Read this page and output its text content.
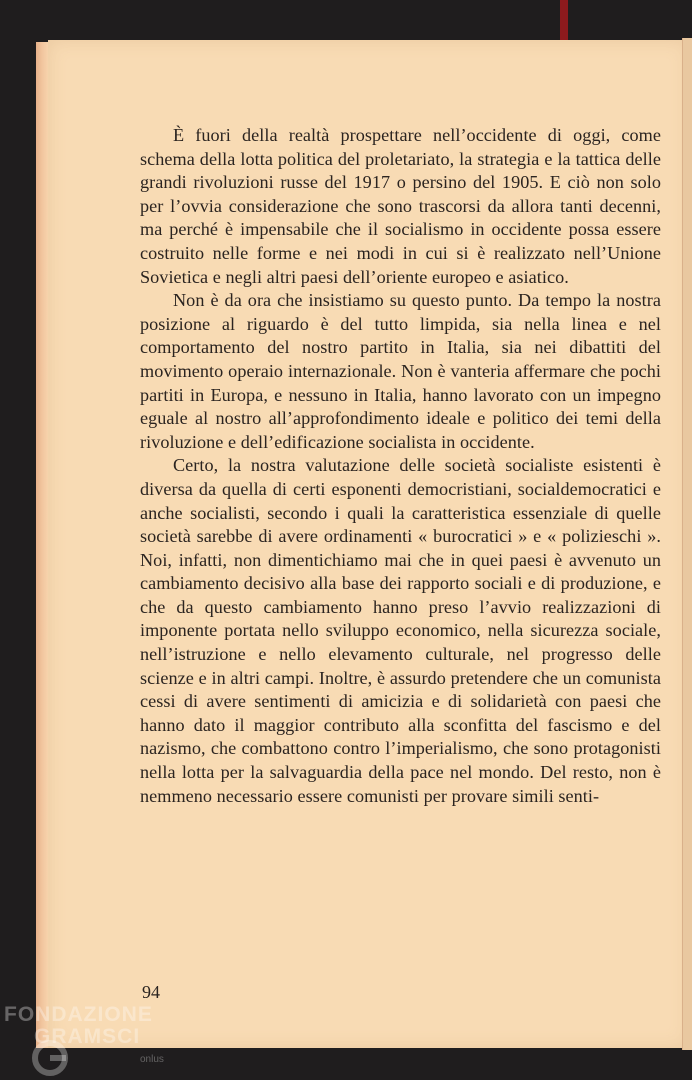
È fuori della realtà prospettare nell’occidente di oggi, come schema della lotta politica del proletariato, la strategia e la tattica delle grandi rivoluzioni russe del 1917 o persino del 1905. E ciò non solo per l’ovvia considerazione che sono trascorsi da allora tanti decenni, ma perché è impensabile che il socialismo in occidente possa essere costruito nelle forme e nei modi in cui si è realizzato nell’Unione Sovietica e negli altri paesi dell’oriente europeo e asiatico.

Non è da ora che insistiamo su questo punto. Da tempo la nostra posizione al riguardo è del tutto limpida, sia nella linea e nel comportamento del nostro partito in Italia, sia nei dibattiti del movimento operaio internazionale. Non è vanteria affermare che pochi partiti in Europa, e nessuno in Italia, hanno lavorato con un impegno eguale al nostro all’approfondimento ideale e politico dei temi della rivoluzione e dell’edificazione socialista in occidente.

Certo, la nostra valutazione delle società socialiste esistenti è diversa da quella di certi esponenti democristiani, socialdemocratici e anche socialisti, secondo i quali la caratteristica essenziale di quelle società sarebbe di avere ordinamenti « burocratici » e « polizieschi ». Noi, infatti, non dimentichiamo mai che in quei paesi è avvenuto un cambiamento decisivo alla base dei rapporto sociali e di produzione, e che da questo cambiamento hanno preso l’avvio realizzazioni di imponente portata nello sviluppo economico, nella sicurezza sociale, nell’istruzione e nello elevamento culturale, nel progresso delle scienze e in altri campi. Inoltre, è assurdo pretendere che un comunista cessi di avere sentimenti di amicizia e di solidarietà con paesi che hanno dato il maggior contributo alla sconfitta del fascismo e del nazismo, che combattono contro l’imperialismo, che sono protagonisti nella lotta per la salvaguardia della pace nel mondo. Del resto, non è nemmeno necessario essere comunisti per provare simili senti-

94
FONDAZIONE
GRAMSCI
onlus
